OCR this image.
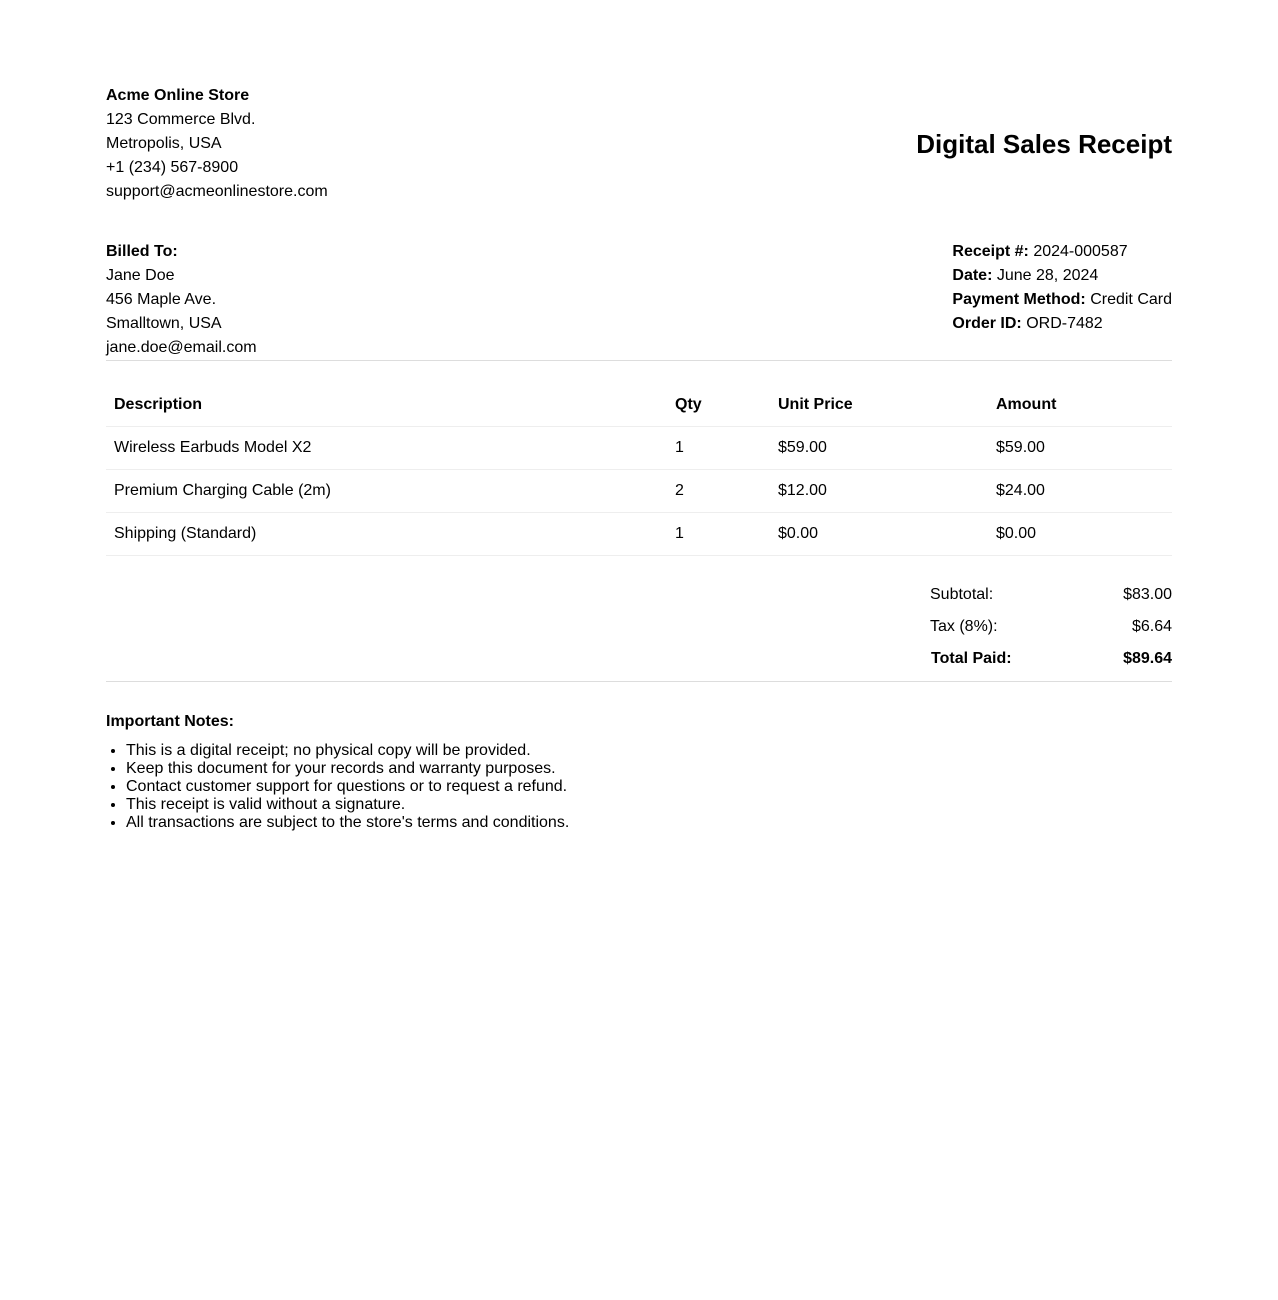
Acme Online Store
123 Commerce Blvd.
Metropolis, USA
+1 (234) 567-8900
support@acmeonlinestore.com
Digital Sales Receipt
Billed To:
Jane Doe
456 Maple Ave.
Smalltown, USA
jane.doe@email.com
Receipt #: 2024-000587
Date: June 28, 2024
Payment Method: Credit Card
Order ID: ORD-7482
Description	Qty	Unit Price	Amount
Wireless Earbuds Model X2	1	$59.00	$59.00
Premium Charging Cable (2m)	2	$12.00	$24.00
Shipping (Standard)	1	$0.00	$0.00
Subtotal:	$83.00
Tax (8%):	$6.64
Total Paid:	$89.64
Important Notes:
• This is a digital receipt; no physical copy will be provided.
• Keep this document for your records and warranty purposes.
• Contact customer support for questions or to request a refund.
• This receipt is valid without a signature.
• All transactions are subject to the store's terms and conditions.
